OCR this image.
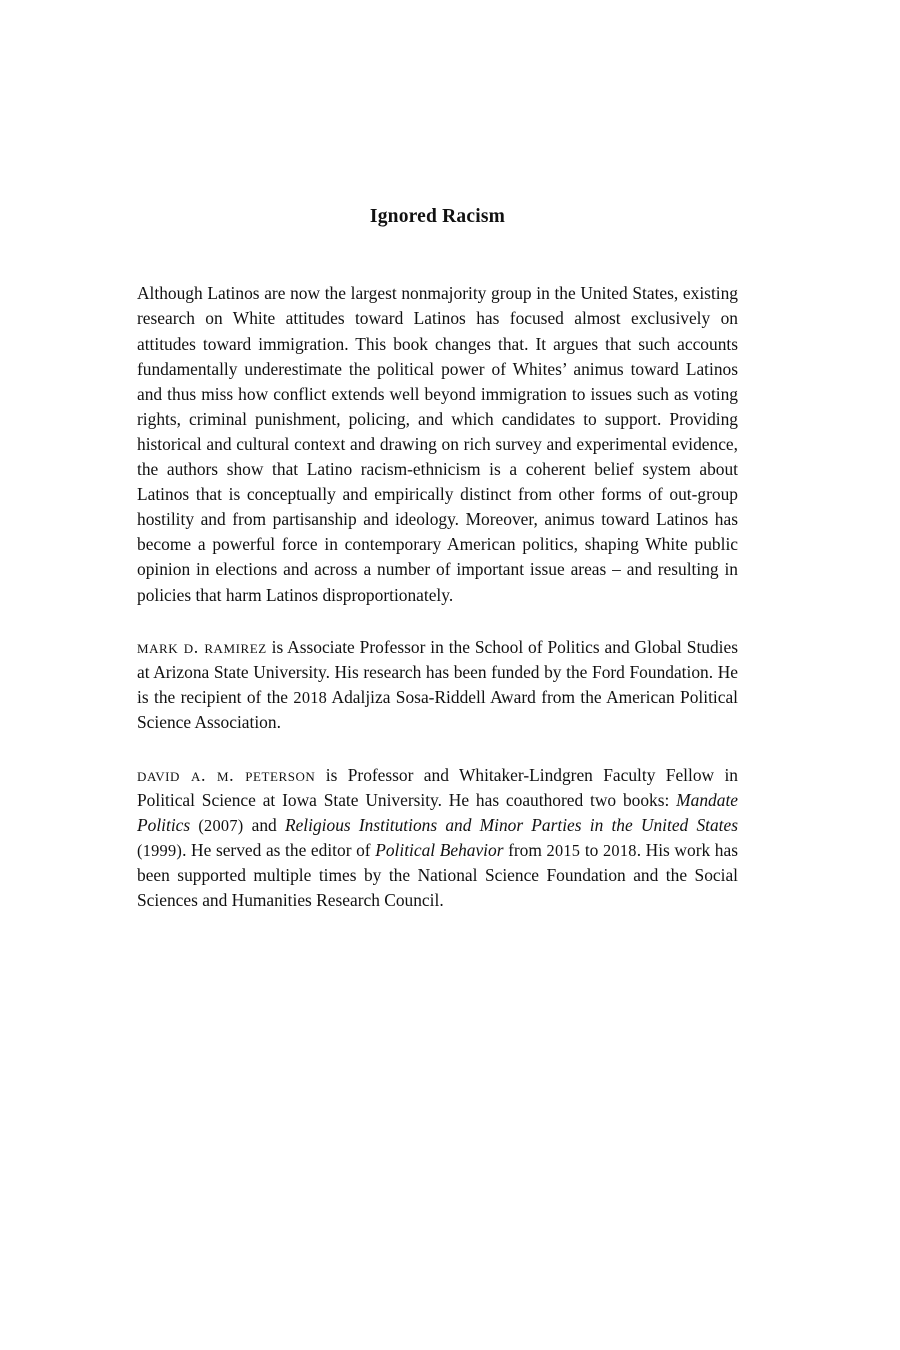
Ignored Racism

Although Latinos are now the largest nonmajority group in the United States, existing research on White attitudes toward Latinos has focused almost exclusively on attitudes toward immigration. This book changes that. It argues that such accounts fundamentally underestimate the political power of Whites’ animus toward Latinos and thus miss how conflict extends well beyond immigration to issues such as voting rights, criminal punishment, policing, and which candidates to support. Providing historical and cultural context and drawing on rich survey and experimental evidence, the authors show that Latino racism-ethnicism is a coherent belief system about Latinos that is conceptually and empirically distinct from other forms of out-group hostility and from partisanship and ideology. Moreover, animus toward Latinos has become a powerful force in contemporary American politics, shaping White public opinion in elections and across a number of important issue areas – and resulting in policies that harm Latinos disproportionately.

mark d. ramirez is Associate Professor in the School of Politics and Global Studies at Arizona State University. His research has been funded by the Ford Foundation. He is the recipient of the 2018 Adaljiza Sosa-Riddell Award from the American Political Science Association.

david a. m. peterson is Professor and Whitaker-Lindgren Faculty Fellow in Political Science at Iowa State University. He has coauthored two books: Mandate Politics (2007) and Religious Institutions and Minor Parties in the United States (1999). He served as the editor of Political Behavior from 2015 to 2018. His work has been supported multiple times by the National Science Foundation and the Social Sciences and Humanities Research Council.
